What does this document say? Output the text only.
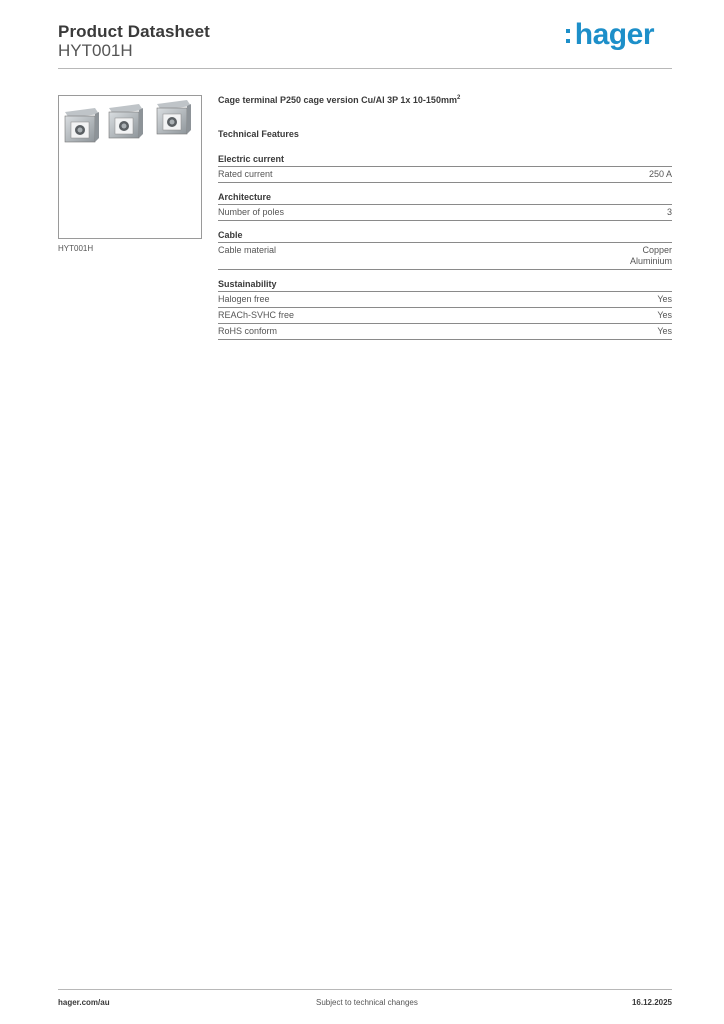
Product Datasheet
HYT001H	hager
HYT001H
Cage terminal P250 cage version Cu/Al 3P 1x $10-150mm^2$
Technical Features
Electric current
Rated current	250 A
Architecture
Number of poles	3
Cable
Cable material	Copper
Aluminium
Sustainability
Halogen free	Yes
REACh-SVHC free	Yes
RoHS conform	Yes
hager.com/au	Subject to technical changes	16.12.2025
